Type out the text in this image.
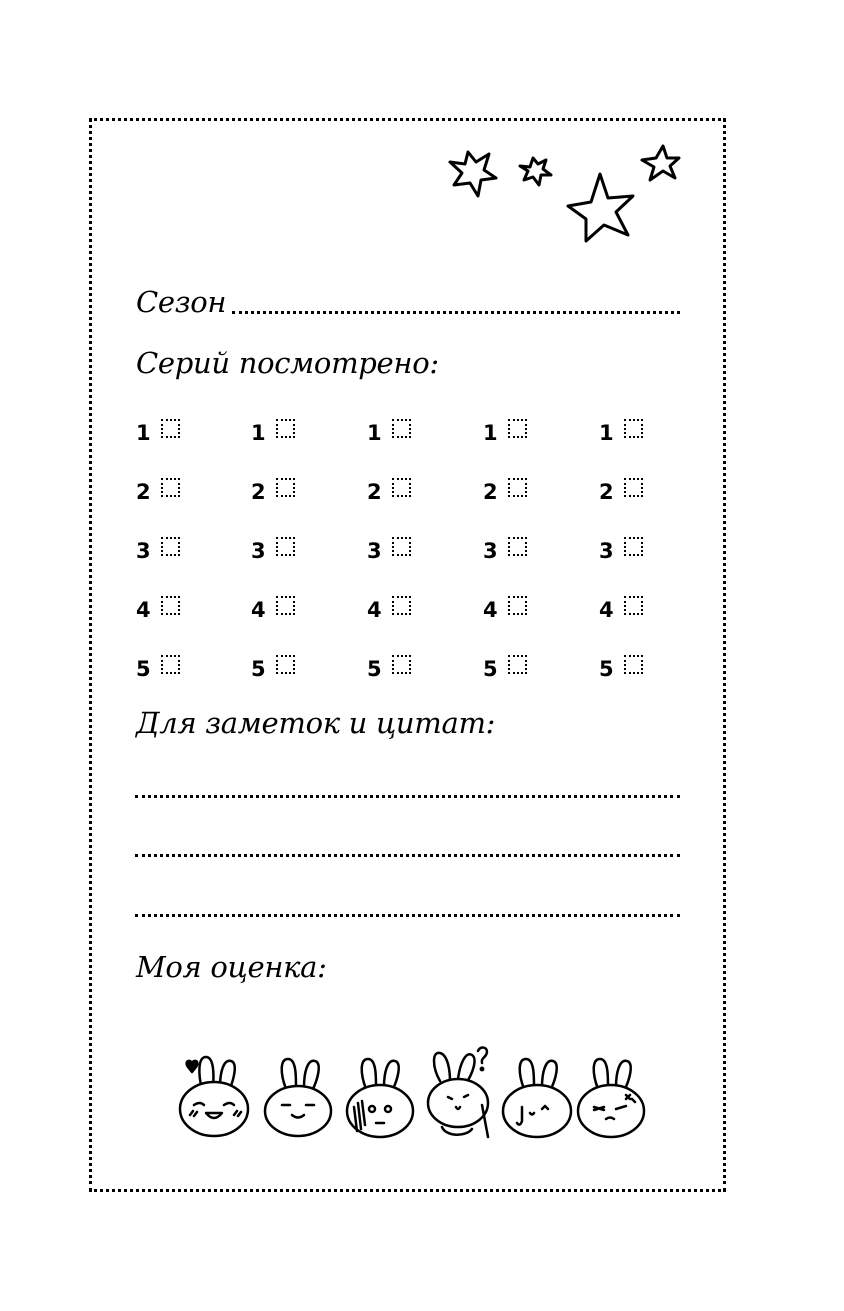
Сезон
Серий посмотрено:
1
2
3
4
5
1
2
3
4
5
1
2
3
4
5
1
2
3
4
5
1
2
3
4
5
Для заметок и цитат:
Моя оценка:
